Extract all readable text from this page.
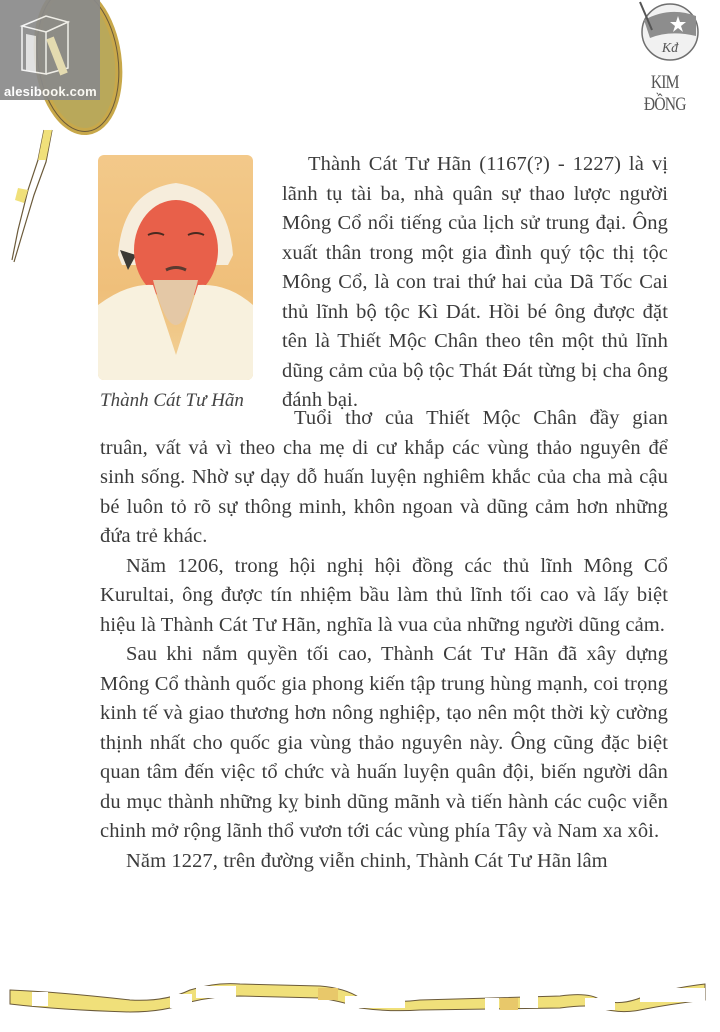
alesibook.com
Kđ
KIM ĐỒNG
Thành Cát Tư Hãn

Thành Cát Tư Hãn (1167(?) - 1227) là vị lãnh tụ tài ba, nhà quân sự thao lược người Mông Cổ nổi tiếng của lịch sử trung đại. Ông xuất thân trong một gia đình quý tộc thị tộc Mông Cổ, là con trai thứ hai của Dã Tốc Cai thủ lĩnh bộ tộc Kì Dát. Hồi bé ông được đặt tên là Thiết Mộc Chân theo tên một thủ lĩnh dũng cảm của bộ tộc Thát Đát từng bị cha ông đánh bại.

Tuổi thơ của Thiết Mộc Chân đầy gian truân, vất vả vì theo cha mẹ di cư khắp các vùng thảo nguyên để sinh sống. Nhờ sự dạy dỗ huấn luyện nghiêm khắc của cha mà cậu bé luôn tỏ rõ sự thông minh, khôn ngoan và dũng cảm hơn những đứa trẻ khác.

Năm 1206, trong hội nghị hội đồng các thủ lĩnh Mông Cổ Kurultai, ông được tín nhiệm bầu làm thủ lĩnh tối cao và lấy biệt hiệu là Thành Cát Tư Hãn, nghĩa là vua của những người dũng cảm.

Sau khi nắm quyền tối cao, Thành Cát Tư Hãn đã xây dựng Mông Cổ thành quốc gia phong kiến tập trung hùng mạnh, coi trọng kinh tế và giao thương hơn nông nghiệp, tạo nên một thời kỳ cường thịnh nhất cho quốc gia vùng thảo nguyên này. Ông cũng đặc biệt quan tâm đến việc tổ chức và huấn luyện quân đội, biến người dân du mục thành những kỵ binh dũng mãnh và tiến hành các cuộc viễn chinh mở rộng lãnh thổ vươn tới các vùng phía Tây và Nam xa xôi.

Năm 1227, trên đường viễn chinh, Thành Cát Tư Hãn lâm
